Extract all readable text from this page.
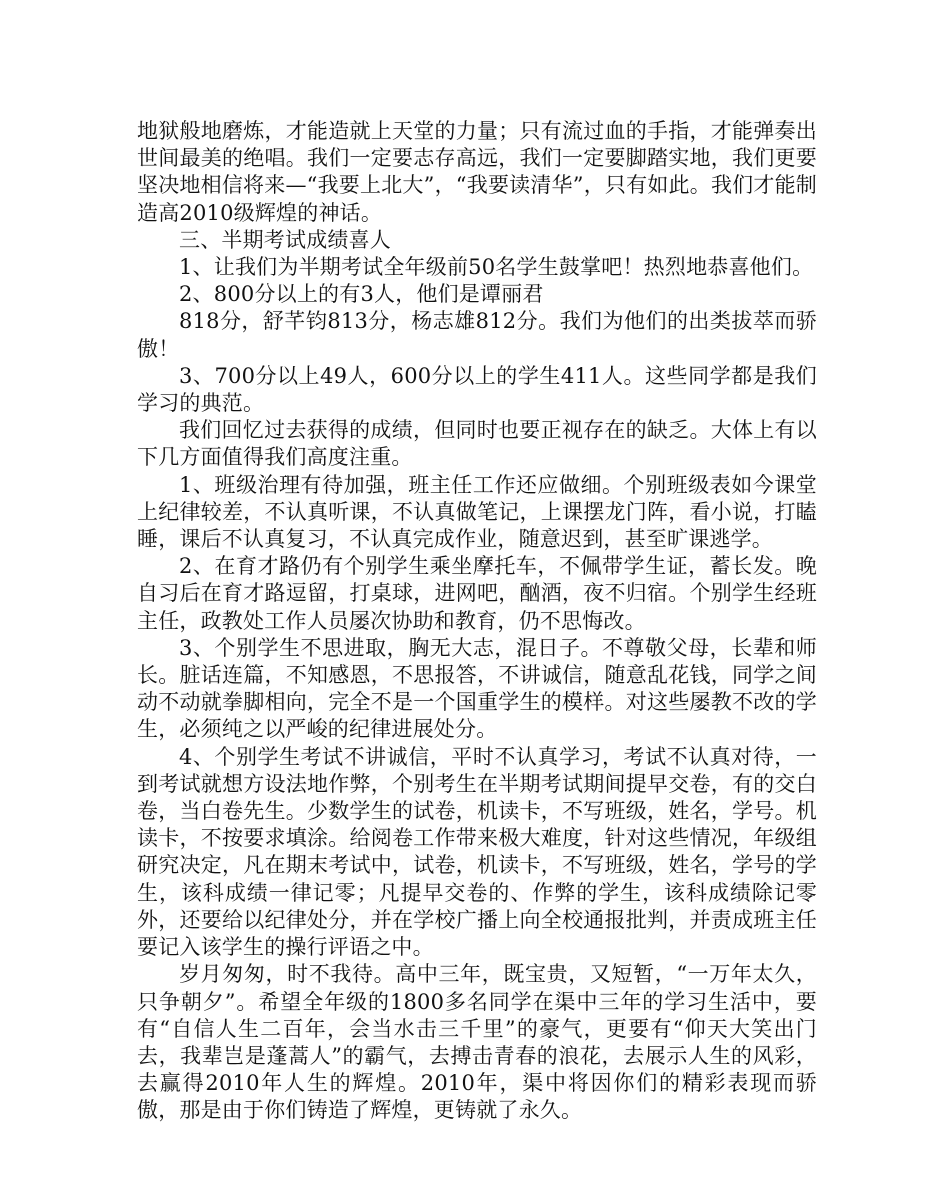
地狱般地磨炼，才能造就上天堂的力量；只有流过血的手指，才能弹奏出世间最美的绝唱。我们一定要志存高远，我们一定要脚踏实地，我们更要坚决地相信将来—“我要上北大”，“我要读清华”，只有如此。我们才能制造高2010级辉煌的神话。

三、半期考试成绩喜人

1、让我们为半期考试全年级前50名学生鼓掌吧！热烈地恭喜他们。

2、800分以上的有3人，他们是谭丽君

818分，舒芊钧813分，杨志雄812分。我们为他们的出类拔萃而骄傲！

3、700分以上49人，600分以上的学生411人。这些同学都是我们学习的典范。

我们回忆过去获得的成绩，但同时也要正视存在的缺乏。大体上有以下几方面值得我们高度注重。

1、班级治理有待加强，班主任工作还应做细。个别班级表如今课堂上纪律较差，不认真听课，不认真做笔记，上课摆龙门阵，看小说，打瞌睡，课后不认真复习，不认真完成作业，随意迟到，甚至旷课逃学。

2、在育才路仍有个别学生乘坐摩托车，不佩带学生证，蓄长发。晚自习后在育才路逗留，打桌球，进网吧，酗酒，夜不归宿。个别学生经班主任，政教处工作人员屡次协助和教育，仍不思悔改。

3、个别学生不思进取，胸无大志，混日子。不尊敬父母，长辈和师长。脏话连篇，不知感恩，不思报答，不讲诚信，随意乱花钱，同学之间动不动就拳脚相向，完全不是一个国重学生的模样。对这些屡教不改的学生，必须纯之以严峻的纪律进展处分。

4、个别学生考试不讲诚信，平时不认真学习，考试不认真对待，一到考试就想方设法地作弊，个别考生在半期考试期间提早交卷，有的交白卷，当白卷先生。少数学生的试卷，机读卡，不写班级，姓名，学号。机读卡，不按要求填涂。给阅卷工作带来极大难度，针对这些情况，年级组研究决定，凡在期末考试中，试卷，机读卡，不写班级，姓名，学号的学生，该科成绩一律记零；凡提早交卷的、作弊的学生，该科成绩除记零外，还要给以纪律处分，并在学校广播上向全校通报批判，并责成班主任要记入该学生的操行评语之中。

岁月匆匆，时不我待。高中三年，既宝贵，又短暂，“一万年太久，只争朝夕”。希望全年级的1800多名同学在渠中三年的学习生活中，要有“自信人生二百年，会当水击三千里”的豪气，更要有“仰天大笑出门去，我辈岂是蓬蒿人”的霸气，去搏击青春的浪花，去展示人生的风彩，去赢得2010年人生的辉煌。2010年，渠中将因你们的精彩表现而骄傲，那是由于你们铸造了辉煌，更铸就了永久。
